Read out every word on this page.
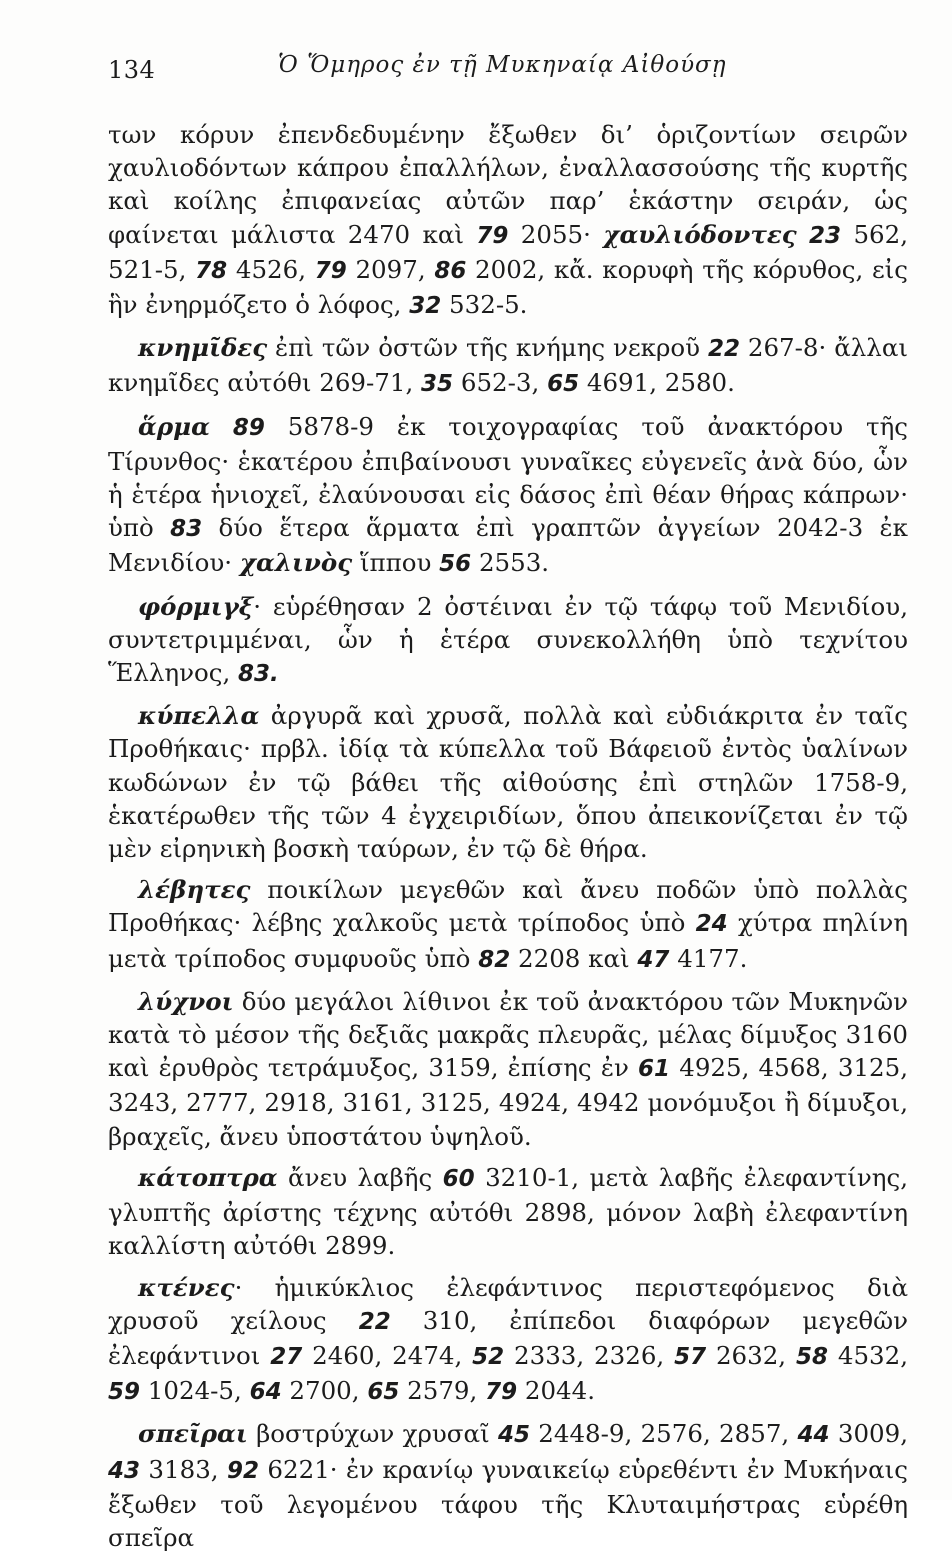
134	Ὁ Ὅμηρος ἐν τῇ Μυκηναίᾳ Αἰθούσῃ

των κόρυν ἐπενδεδυμένην ἔξωθεν δι’ ὁριζοντίων σειρῶν χαυλιοδόντων κάπρου ἐπαλλήλων, ἐναλλασσούσης τῆς κυρτῆς καὶ κοίλης ἐπιφανείας αὐτῶν παρ’ ἑκάστην σειράν, ὡς φαίνεται μάλιστα 2470 καὶ 79 2055· χαυλιόδοντες 23 562, 521-5, 78 4526, 79 2097, 86 2002, κἄ. κορυφὴ τῆς κόρυθος, εἰς ἣν ἐνηρμόζετο ὁ λόφος, 32 532-5.

κνημῖδες ἐπὶ τῶν ὀστῶν τῆς κνήμης νεκροῦ 22 267-8· ἄλλαι κνημῖδες αὐτόθι 269-71, 35 652-3, 65 4691, 2580.

ἅρμα 89 5878-9 ἐκ τοιχογραφίας τοῦ ἀνακτόρου τῆς Τίρυνθος· ἑκατέρου ἐπιβαίνουσι γυναῖκες εὐγενεῖς ἀνὰ δύο, ὧν ἡ ἑτέρα ἡνιοχεῖ, ἐλαύνουσαι εἰς δάσος ἐπὶ θέαν θήρας κάπρων· ὑπὸ 83 δύο ἕτερα ἅρματα ἐπὶ γραπτῶν ἀγγείων 2042-3 ἐκ Μενιδίου· χαλινὸς ἵππου 56 2553.

φόρμιγξ· εὑρέθησαν 2 ὀστέιναι ἐν τῷ τάφῳ τοῦ Μενιδίου, συντετριμμέναι, ὧν ἡ ἑτέρα συνεκολλήθη ὑπὸ τεχνίτου Ἕλληνος, 83.

κύπελλα ἀργυρᾶ καὶ χρυσᾶ, πολλὰ καὶ εὐδιάκριτα ἐν ταῖς Προθήκαις· πρβλ. ἰδίᾳ τὰ κύπελλα τοῦ Βάφειοῦ ἐντὸς ὑαλίνων κωδώνων ἐν τῷ βάθει τῆς αἰθούσης ἐπὶ στηλῶν 1758-9, ἑκατέρωθεν τῆς τῶν 4 ἐγχειριδίων, ὅπου ἀπεικονίζεται ἐν τῷ μὲν εἰρηνικὴ βοσκὴ ταύρων, ἐν τῷ δὲ θήρα.

λέβητες ποικίλων μεγεθῶν καὶ ἄνευ ποδῶν ὑπὸ πολλὰς Προθήκας· λέβης χαλκοῦς μετὰ τρίποδος ὑπὸ 24 χύτρα πηλίνη μετὰ τρίποδος συμφυοῦς ὑπὸ 82 2208 καὶ 47 4177.

λύχνοι δύο μεγάλοι λίθινοι ἐκ τοῦ ἀνακτόρου τῶν Μυκηνῶν κατὰ τὸ μέσον τῆς δεξιᾶς μακρᾶς πλευρᾶς, μέλας δίμυξος 3160 καὶ ἐρυθρὸς τετράμυξος, 3159, ἐπίσης ἐν 61 4925, 4568, 3125, 3243, 2777, 2918, 3161, 3125, 4924, 4942 μονόμυξοι ἢ δίμυξοι, βραχεῖς, ἄνευ ὑποστάτου ὑψηλοῦ.

κάτοπτρα ἄνευ λαβῆς 60 3210-1, μετὰ λαβῆς ἐλεφαντίνης, γλυπτῆς ἀρίστης τέχνης αὐτόθι 2898, μόνον λαβὴ ἐλεφαντίνη καλλίστη αὐτόθι 2899.

κτένες· ἡμικύκλιος ἐλεφάντινος περιστεφόμενος διὰ χρυσοῦ χείλους 22 310, ἐπίπεδοι διαφόρων μεγεθῶν ἐλεφάντινοι 27 2460, 2474, 52 2333, 2326, 57 2632, 58 4532, 59 1024-5, 64 2700, 65 2579, 79 2044.

σπεῖραι βοστρύχων χρυσαῖ 45 2448-9, 2576, 2857, 44 3009, 43 3183, 92 6221· ἐν κρανίῳ γυναικείῳ εὑρεθέντι ἐν Μυκήναις ἔξωθεν τοῦ λεγομένου τάφου τῆς Κλυταιμήστρας εὑρέθη σπεῖρα
